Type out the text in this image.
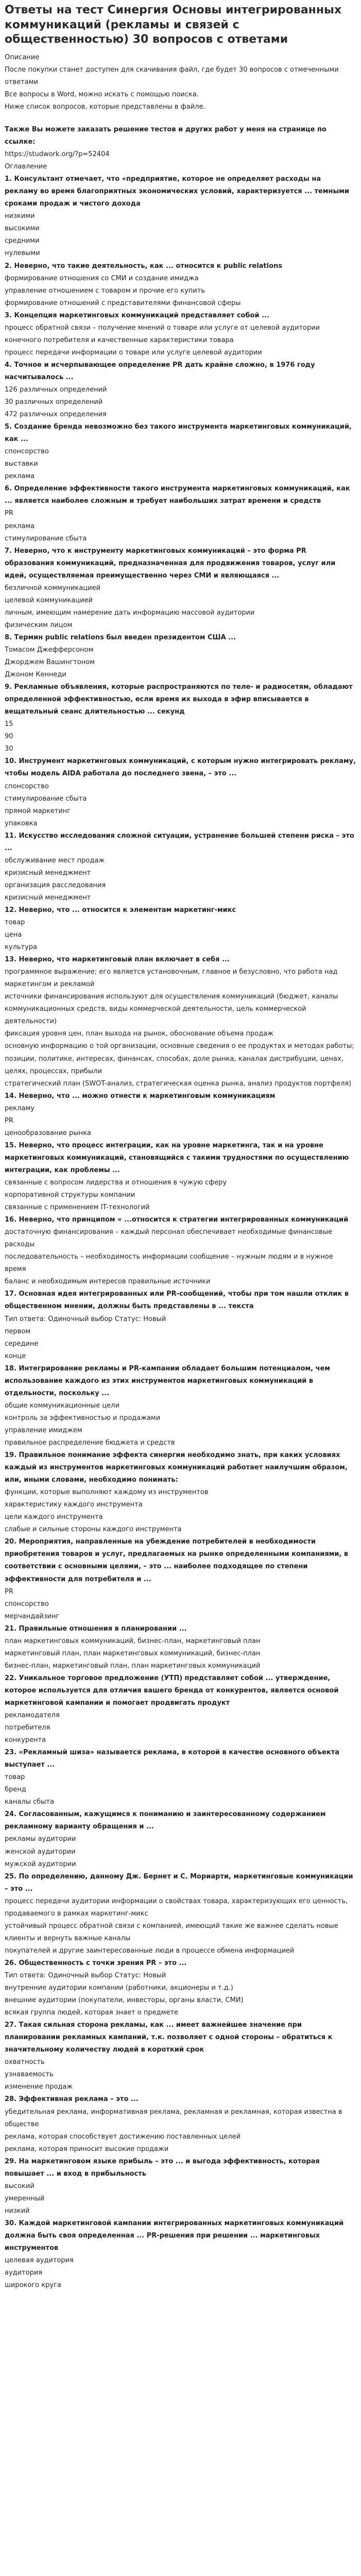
Ответы на тест Синергия Основы интегрированных коммуникаций (рекламы и связей с общественностью) 30 вопросов с ответами

Описание

После покупки станет доступен для скачивания файл, где будет 30 вопросов с отмеченными ответами

Все вопросы в Word, можно искать с помощью поиска.

Ниже список вопросов, которые представлены в файле.

Также Вы можете заказать решение тестов и других работ у меня на странице по ссылке:

https://studwork.org/?p=52404

Оглавление

1. Консультант отмечает, что «предприятие, которое не определяет расходы на рекламу во время благоприятных экономических условий, характеризуется ... темными сроками продаж и чистого дохода

низкими

высокими

средними

нулевыми

2. Невернo, что такие деятельность, как ... относится к public relations

формирование отношения со СМИ и создание имиджа

управление отношением с товаром и прочие его купить

формирование отношений с представителями финансовой сферы

3. Концепция маркетинговых коммуникаций представляет собой ...

процесс обратной связи – получение мнений о товаре или услуге от целевой аудитории конечного потребителя и качественные характеристики товара

процесс передачи информации о товаре или услуге целевой аудитории

4. Точное и исчерпывающее определение PR дать крайне сложно, в 1976 году насчитывалось ...

126 различных определений

30 различных определений

472 различных определения

5. Создание бренда невозможно без такого инструмента маркетинговых коммуникаций, как ...

спонсорство

выставки

реклама

6. Определение эффективности такого инструмента маркетинговых коммуникаций, как ... является наиболее сложным и требует наибольших затрат времени и средств

PR

реклама

стимулирование сбыта

7. Невернo, что к инструменту маркетинговых коммуникаций – это форма PR образования коммуникаций, предназначенная для продвижения товаров, услуг или идей, осуществляемая преимущественно через СМИ и являющаяся ...

безличной коммуникацией

целевой коммуникацией

личным, имеющим намерение дать информацию массовой аудитории

физическим лицом

8. Термин public relations был введен президентом США ...

Томасом Джефферсоном

Джорджем Вашингтоном

Джоном Кеннеди

9. Рекламные объявления, которые распространяются по теле- и радиосетям, обладают определенной эффективностью, если время их выхода в эфир вписывается в вещательный сеанс длительностью ... секунд

15

90

30

10. Инструмент маркетинговых коммуникаций, с которым нужно интегрировать рекламу, чтобы модель AIDA работала до последнего звена, – это ...

спонсорство

стимулирование сбыта

прямой маркетинг

упаковка

11. Искусство исследования сложной ситуации, устранение большей степени риска – это ...

обслуживание мест продаж

кризисный менеджмент

организация расследования

кризисный менеджмент

12. Невернo, что ... относится к элементам маркетинг-микс

товар

цена

культура

13. Невернo, что маркетинговый план включает в себя ...

программное выражение; его является установочным, главное и безусловно, что работа над маркетингом и рекламой

источники финансирования используют для осуществления коммуникаций (бюджет, каналы коммуникационных средств, виды коммерческой деятельности, цель коммерческой деятельности)

фиксация уровня цен, план выхода на рынок, обоснование объема продаж

основную информацию о той организации, основные сведения о ее продуктах и методах работы; позиции, политике, интересах, финансах, способах, доле рынка, каналах дистрибуции, ценах, целях, процессах, прибыли

стратегический план (SWOT-анализ, стратегическая оценка рынка, анализ продуктов портфеля)

14. Невернo, что ... можно отнести к маркетинговым коммуникациям

рекламу

PR

ценообразование рынка

15. Невернo, что процесс интеграции, как на уровне маркетинга, так и на уровне маркетинговых коммуникаций, становящийся с такими трудностями по осуществлению интеграции, как проблемы ...

связанные с вопросом лидерства и отношения в чужую сферу

корпоративной структуры компании

связанные с применением IT-технологий

16. Невернo, что принципом « ...относится к стратегии интегрированных коммуникаций

достаточную финансирования – каждый персонал обеспечивает необходимые финансовые расходы

последовательность – необходимость информации сообщение – нужным людям и в нужное время

баланс и необходимым интересов правильные источники

17. Основная идея интегрированных или PR-сообщений, чтобы при том нашли отклик в общественном мнении, должны быть представлены в ... текста

Тип ответа: Одиночный выбор Статус: Новый

первом

середине

конце

18. Интегрирование рекламы и PR-кампании обладает большим потенциалом, чем использование каждого из этих инструментов маркетинговых коммуникаций в отдельности, поскольку ...

общие коммуникационные цели

контроль за эффективностью и продажами

управление имиджем

правильное распределение бюджета и средств

19. Правильное понимание эффекта синергии необходимо знать, при каких условиях каждый из инструментов маркетинговых коммуникаций работает наилучшим образом, или, иными словами, необходимо понимать:

функции, которые выполняют каждому из инструментов

характеристику каждого инструмента

цели каждого инструмента

слабые и сильные стороны каждого инструмента

20. Мероприятия, направленные на убеждение потребителей в необходимости приобретения товаров и услуг, предлагаемых на рынке определенными компаниями, в соответствии с основными целями, – это ... наиболее подходящее по степени эффективности для потребителя и ...

PR

спонсорство

мерчандайзинг

21. Правильные отношения в планировании ...

план маркетинговых коммуникаций, бизнес-план, маркетинговый план

маркетинговый план, план маркетинговых коммуникаций, бизнес-план

бизнес-план, маркетинговый план, план маркетинговых коммуникаций

22. Уникальное торговое предложение (УТП) представляет собой ... утверждение, которое используется для отличия вашего бренда от конкурентов, является основой маркетинговой кампании и помогает продвигать продукт

рекламодателя

потребителя

конкурента

23. «Рекламный шиза» называется реклама, в которой в качестве основного объекта выступает ...

товар

бренд

каналы сбыта

24. Согласованным, кажущимся к пониманию и заинтересованному содержанием рекламному варианту обращения и ...

рекламы аудитории

женской аудитории

мужской аудитории

25. По определению, данному Дж. Бернет и С. Мориарти, маркетинговые коммуникации – это ...

процесс передачи аудитории информации о свойствах товара, характеризующих его ценность, продаваемого в рамках маркетинг-микс

устойчивый процесс обратной связи с компанией, имеющий такие же важнее сделать новые клиенты и вернуть важные каналы

покупателей и другие заинтересованные люди в процессе обмена информацией

26. Общественность с точки зрения PR – это ...

Тип ответа: Одиночный выбор Статус: Новый

внутренние аудитории компании (работники, акционеры и т.д.)

внешние аудитории (покупатели, инвесторы, органы власти, СМИ)

всякая группа людей, которая знает о предмете

27. Такая сильная сторона рекламы, как ... имеет важнейшее значение при планировании рекламных кампаний, т.к. позволяет с одной стороны – обратиться к значительному количеству людей в короткий срок

охватность

узнаваемость

изменение продаж

28. Эффективная реклама – это ...

убедительная реклама, информативная реклама, рекламная и рекламная, которая известна в обществе

реклама, которая способствует достижению поставленных целей

реклама, которая приносит высокие продажи

29. На маркетинговом языке прибыль – это ... и выгода эффективность, которая повышает ... и вход в прибыльность

высокий

умеренный

низкий

30. Каждой маркетинговой кампании интегрированных маркетинговых коммуникаций должна быть своя определенная ... PR-решения при решении ... маркетинговых инструментов

целевая аудитория

аудитория

широкого круга
